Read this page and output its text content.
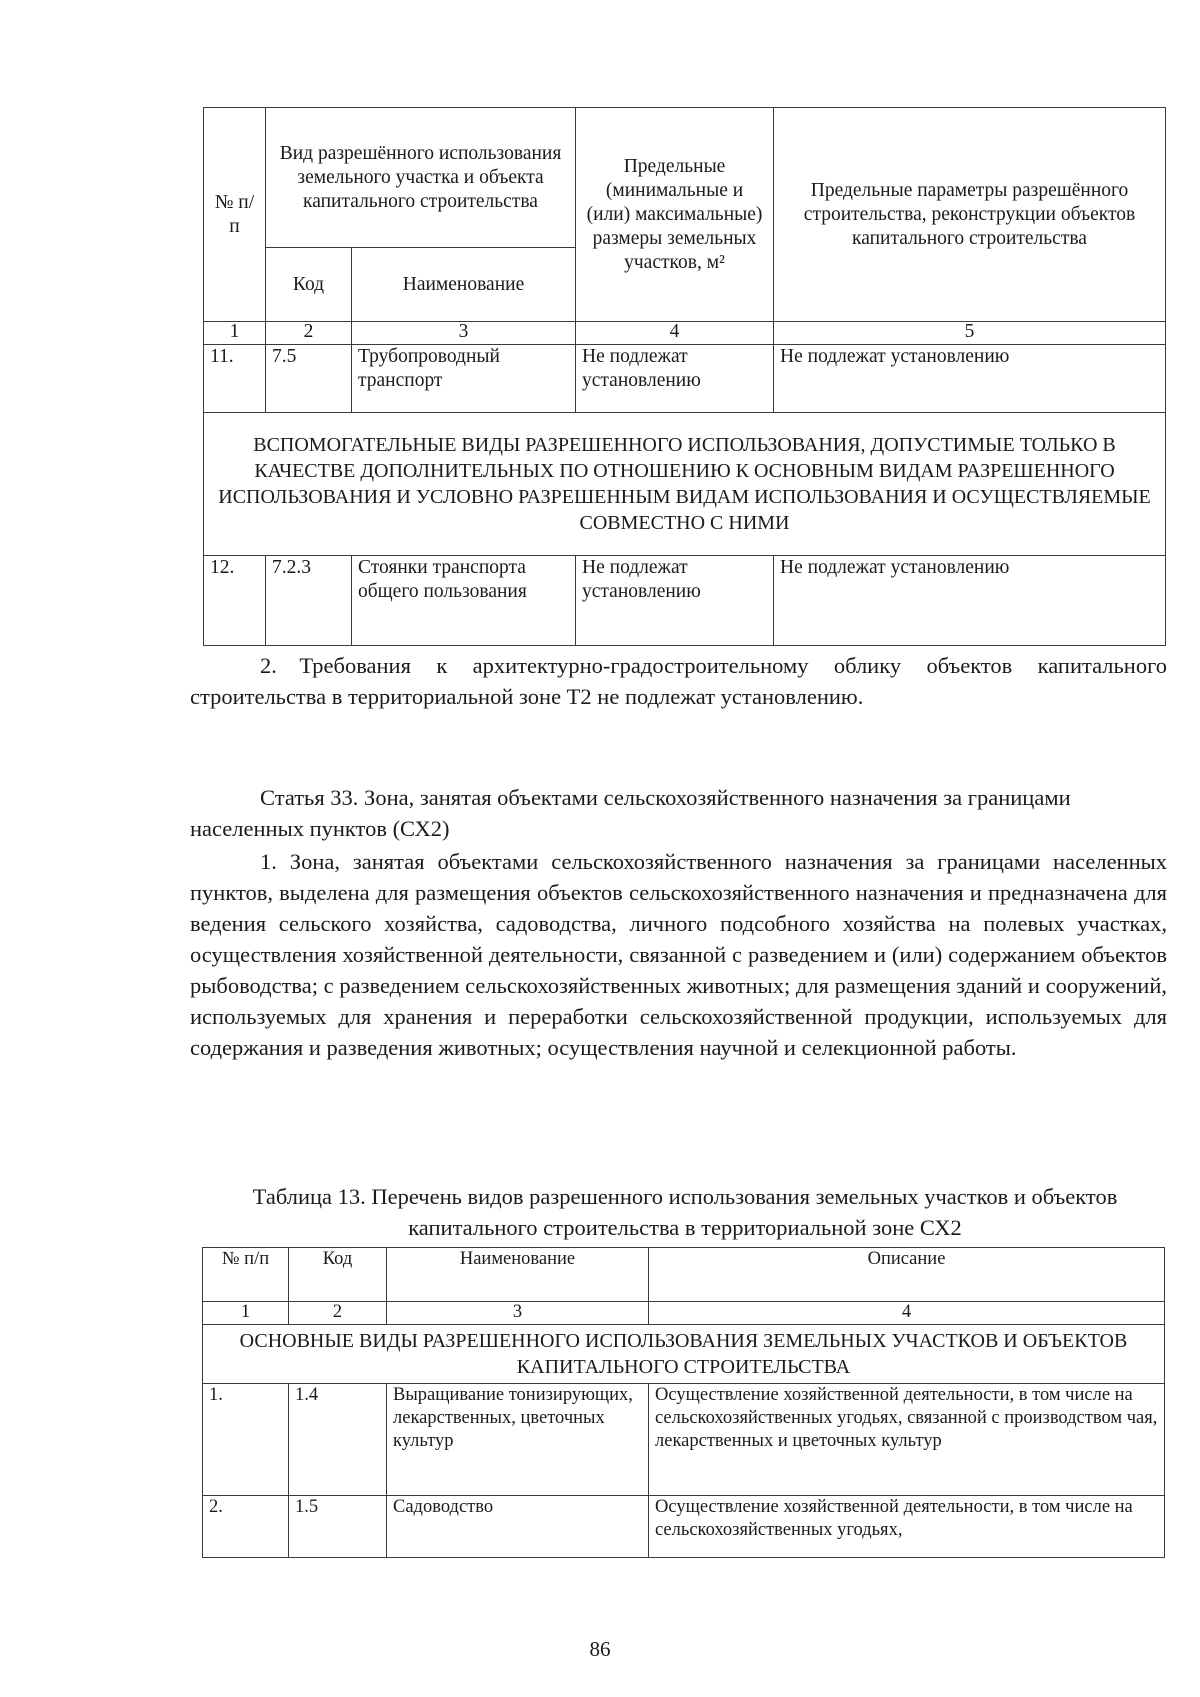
№ п/п	Вид разрешённого использования земельного участка и объекта капитального строительства		Предельные (минимальные и (или) максимальные) размеры земельных участков, м²	Предельные параметры разрешённого строительства, реконструкции объектов капитального строительства
	Код	Наименование		
1	2	3	4	5
11.	7.5	Трубопроводный транспорт	Не подлежат установлению	Не подлежат установлению
ВСПОМОГАТЕЛЬНЫЕ ВИДЫ РАЗРЕШЕННОГО ИСПОЛЬЗОВАНИЯ, ДОПУСТИМЫЕ ТОЛЬКО В КАЧЕСТВЕ ДОПОЛНИТЕЛЬНЫХ ПО ОТНОШЕНИЮ К ОСНОВНЫМ ВИДАМ РАЗРЕШЕННОГО ИСПОЛЬЗОВАНИЯ И УСЛОВНО РАЗРЕШЕННЫМ ВИДАМ ИСПОЛЬЗОВАНИЯ И ОСУЩЕСТВЛЯЕМЫЕ СОВМЕСТНО С НИМИ				
12.	7.2.3	Стоянки транспорта общего пользования	Не подлежат установлению	Не подлежат установлению

2. Требования к архитектурно-градостроительному облику объектов капитального строительства в территориальной зоне Т2 не подлежат установлению.

Статья 33. Зона, занятая объектами сельскохозяйственного назначения за границами населенных пунктов (СХ2)

1. Зона, занятая объектами сельскохозяйственного назначения за границами населенных пунктов, выделена для размещения объектов сельскохозяйственного назначения и предназначена для ведения сельского хозяйства, садоводства, личного подсобного хозяйства на полевых участках, осуществления хозяйственной деятельности, связанной с разведением и (или) содержанием объектов рыбоводства; с разведением сельскохозяйственных животных; для размещения зданий и сооружений, используемых для хранения и переработки сельскохозяйственной продукции, используемых для содержания и разведения животных; осуществления научной и селекционной работы.

Таблица 13. Перечень видов разрешенного использования земельных участков и объектов капитального строительства в территориальной зоне СХ2

№ п/п	Код	Наименование	Описание
1	2	3	4
ОСНОВНЫЕ ВИДЫ РАЗРЕШЕННОГО ИСПОЛЬЗОВАНИЯ ЗЕМЕЛЬНЫХ УЧАСТКОВ И ОБЪЕКТОВ КАПИТАЛЬНОГО СТРОИТЕЛЬСТВА			
1.	1.4	Выращивание тонизирующих, лекарственных, цветочных культур	Осуществление хозяйственной деятельности, в том числе на сельскохозяйственных угодьях, связанной с производством чая, лекарственных и цветочных культур
2.	1.5	Садоводство	Осуществление хозяйственной деятельности, в том числе на сельскохозяйственных угодьях,
86
